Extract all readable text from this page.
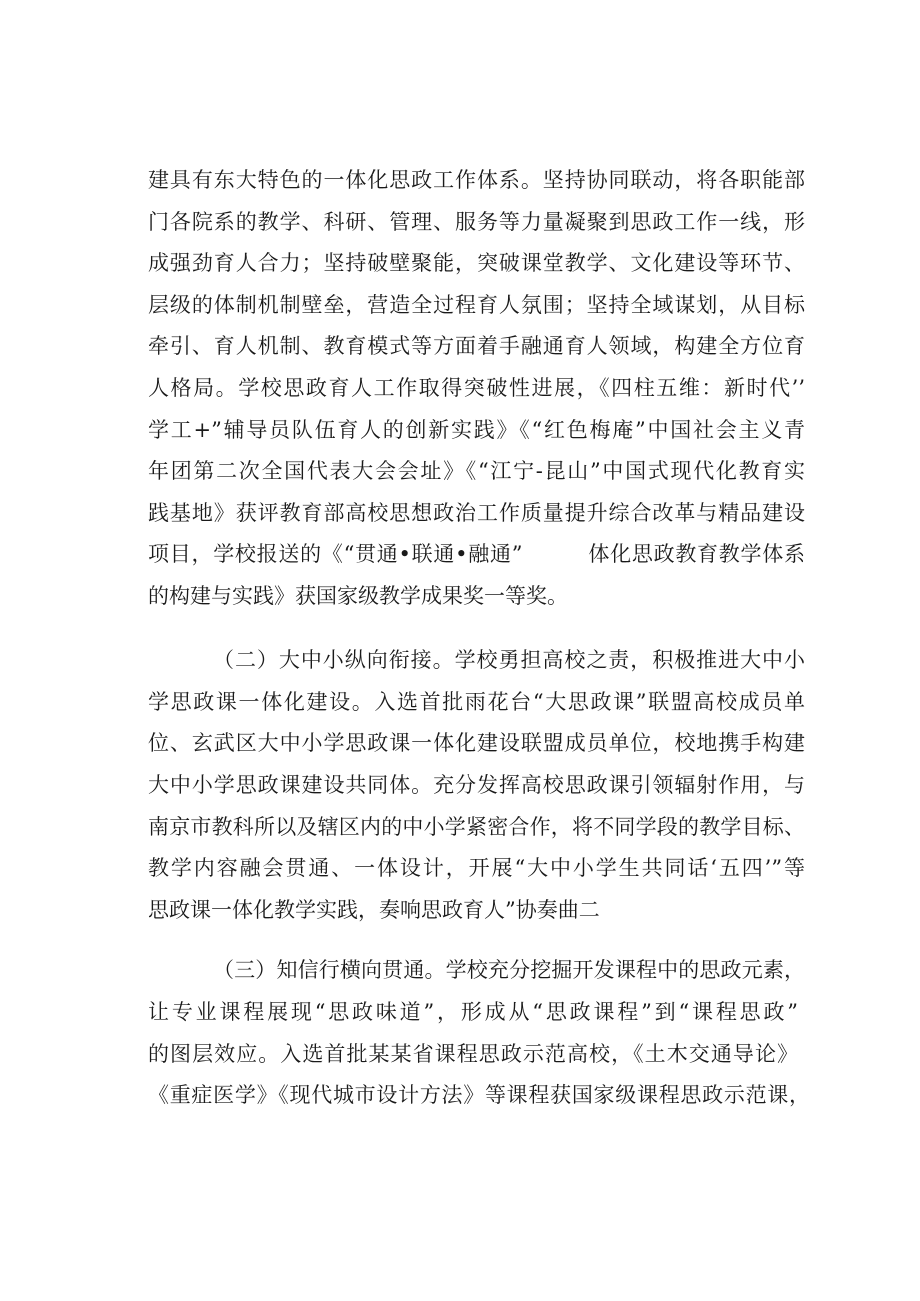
建具有东大特色的一体化思政工作体系。坚持协同联动，将各职能部
门各院系的教学、科研、管理、服务等力量凝聚到思政工作一线，形
成强劲育人合力；坚持破壁聚能，突破课堂教学、文化建设等环节、
层级的体制机制壁垒，营造全过程育人氛围；坚持全域谋划，从目标
牵引、育人机制、教育模式等方面着手融通育人领域，构建全方位育
人格局。学校思政育人工作取得突破性进展，《四柱五维：新时代’’
学工+”辅导员队伍育人的创新实践》《“红色梅庵”中国社会主义青
年团第二次全国代表大会会址》《“江宁-昆山”中国式现代化教育实
践基地》获评教育部高校思想政治工作质量提升综合改革与精品建设
项目，学校报送的《“贯通•联通•融通”　　　体化思政教育教学体系
的构建与实践》获国家级教学成果奖一等奖。
（二）大中小纵向衔接。学校勇担高校之责，积极推进大中小
学思政课一体化建设。入选首批雨花台“大思政课”联盟高校成员单
位、玄武区大中小学思政课一体化建设联盟成员单位，校地携手构建
大中小学思政课建设共同体。充分发挥高校思政课引领辐射作用，与
南京市教科所以及辖区内的中小学紧密合作，将不同学段的教学目标、
教学内容融会贯通、一体设计，开展“大中小学生共同话‘五四’”等
思政课一体化教学实践，奏响思政育人”协奏曲二
（三）知信行横向贯通。学校充分挖掘开发课程中的思政元素，
让专业课程展现“思政味道”，形成从“思政课程”到“课程思政”
的图层效应。入选首批某某省课程思政示范高校，《土木交通导论》
《重症医学》《现代城市设计方法》等课程获国家级课程思政示范课，
